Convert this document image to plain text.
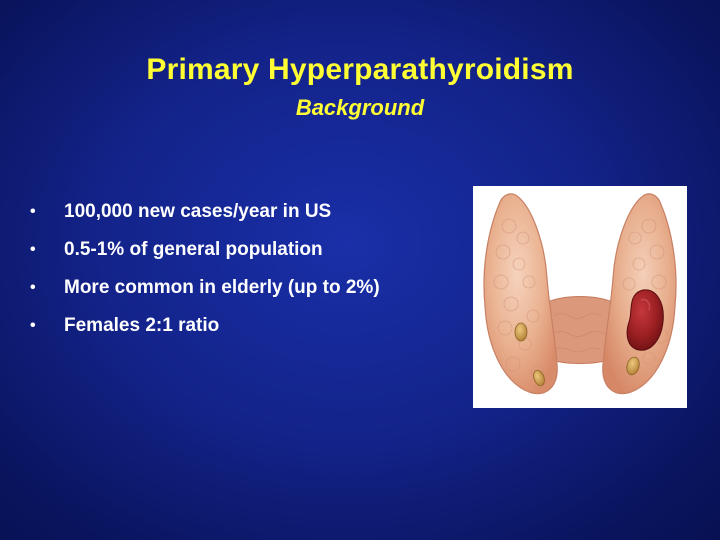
Primary Hyperparathyroidism
Background
•	100,000 new cases/year in US
•	0.5-1% of general population
•	More common in elderly (up to 2%)
•	Females 2:1 ratio
